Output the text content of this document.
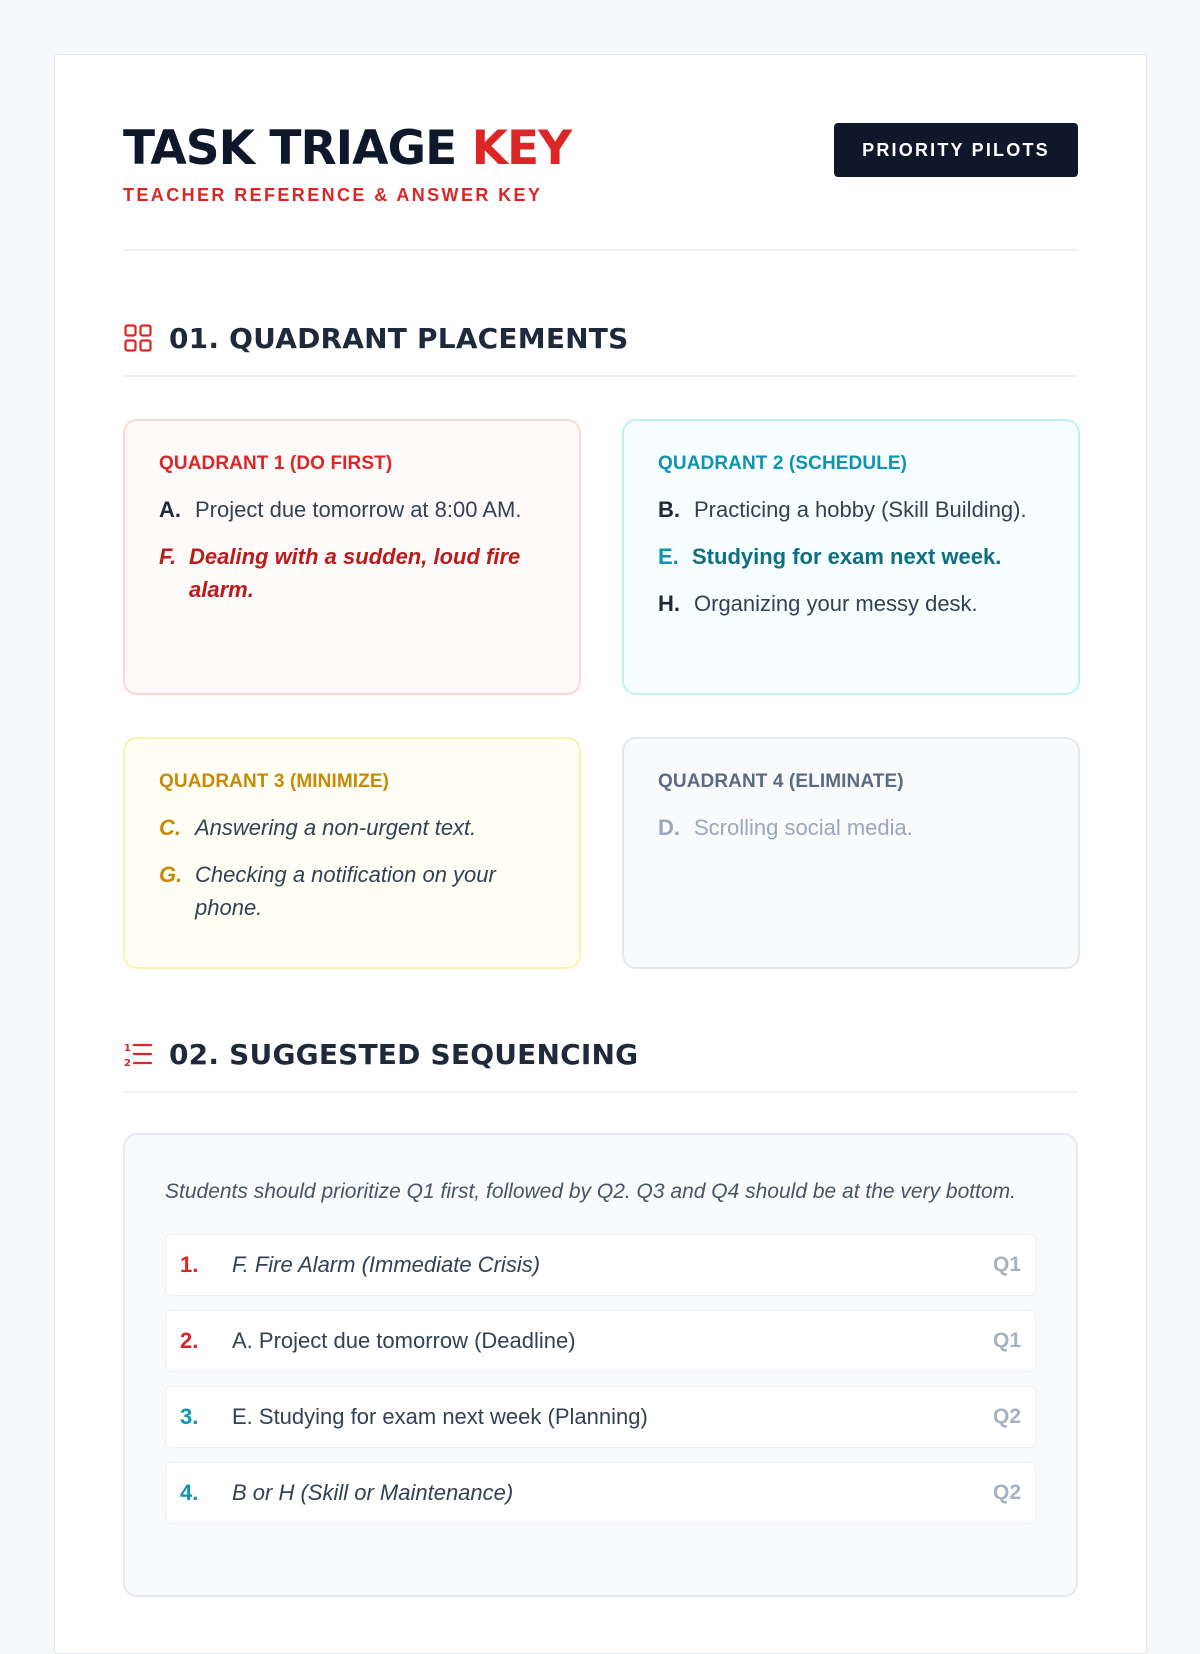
TASK TRIAGE KEY
TEACHER REFERENCE & ANSWER KEY
PRIORITY PILOTS
01. QUADRANT PLACEMENTS
QUADRANT 1 (DO FIRST)
A. Project due tomorrow at 8:00 AM.
F. Dealing with a sudden, loud fire alarm.
QUADRANT 2 (SCHEDULE)
B. Practicing a hobby (Skill Building).
E. Studying for exam next week.
H. Organizing your messy desk.
QUADRANT 3 (MINIMIZE)
C. Answering a non-urgent text.
G. Checking a notification on your phone.
QUADRANT 4 (ELIMINATE)
D. Scrolling social media.
1
2 02. SUGGESTED SEQUENCING

Students should prioritize Q1 first, followed by Q2. Q3 and Q4 should be at the very bottom.

1.	F. Fire Alarm (Immediate Crisis)	Q1
2.	A. Project due tomorrow (Deadline)	Q1
3.	E. Studying for exam next week (Planning)	Q2
4.	B or H (Skill or Maintenance)	Q2
